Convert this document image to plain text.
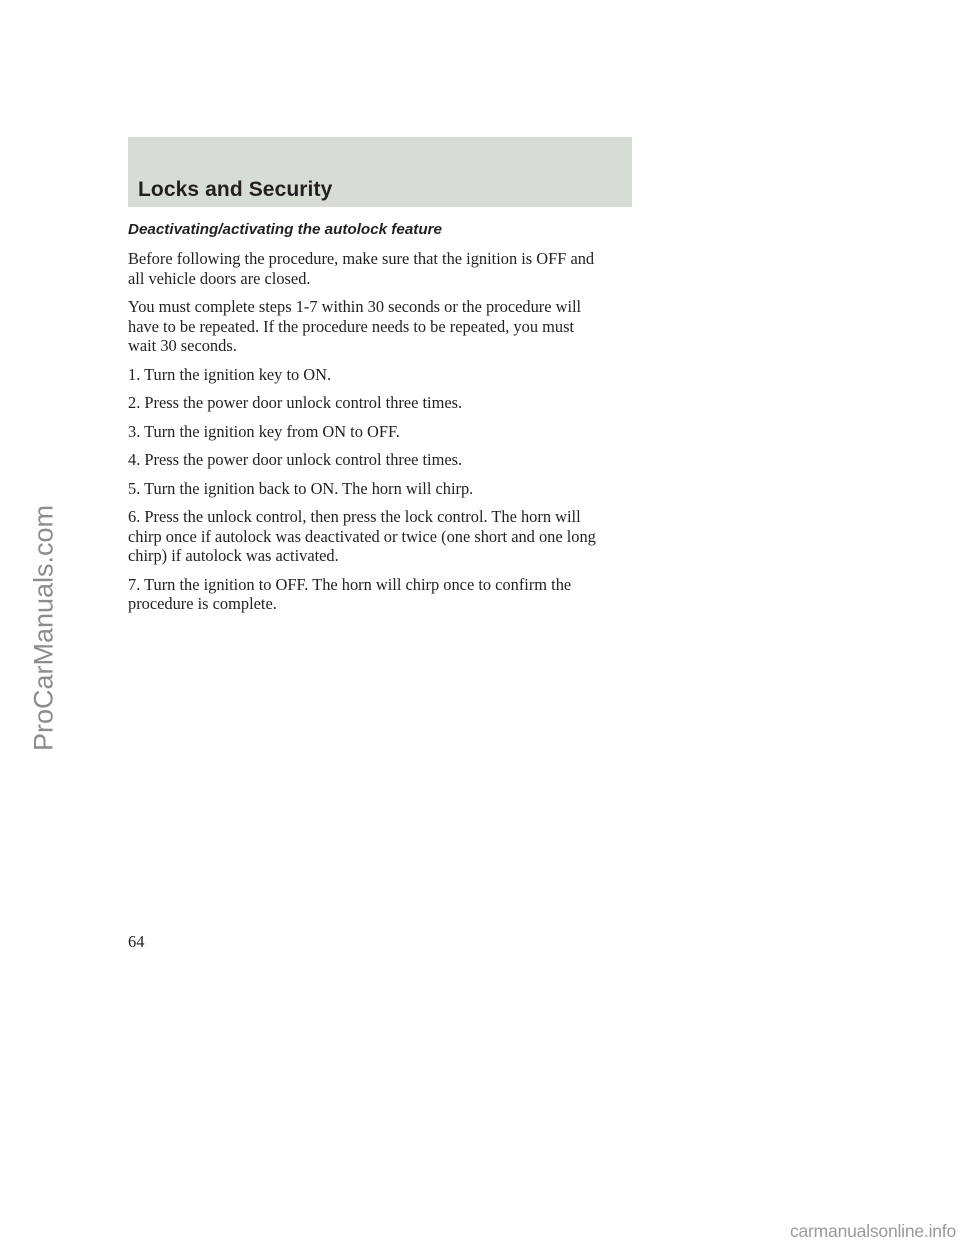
Locks and Security

Deactivating/activating the autolock feature

Before following the procedure, make sure that the ignition is OFF and
all vehicle doors are closed.

You must complete steps 1-7 within 30 seconds or the procedure will
have to be repeated. If the procedure needs to be repeated, you must
wait 30 seconds.

1. Turn the ignition key to ON.

2. Press the power door unlock control three times.

3. Turn the ignition key from ON to OFF.

4. Press the power door unlock control three times.

5. Turn the ignition back to ON. The horn will chirp.

6. Press the unlock control, then press the lock control. The horn will
chirp once if autolock was deactivated or twice (one short and one long
chirp) if autolock was activated.

7. Turn the ignition to OFF. The horn will chirp once to confirm the
procedure is complete.

64

ProCarManuals.com

carmanualsonline.info
